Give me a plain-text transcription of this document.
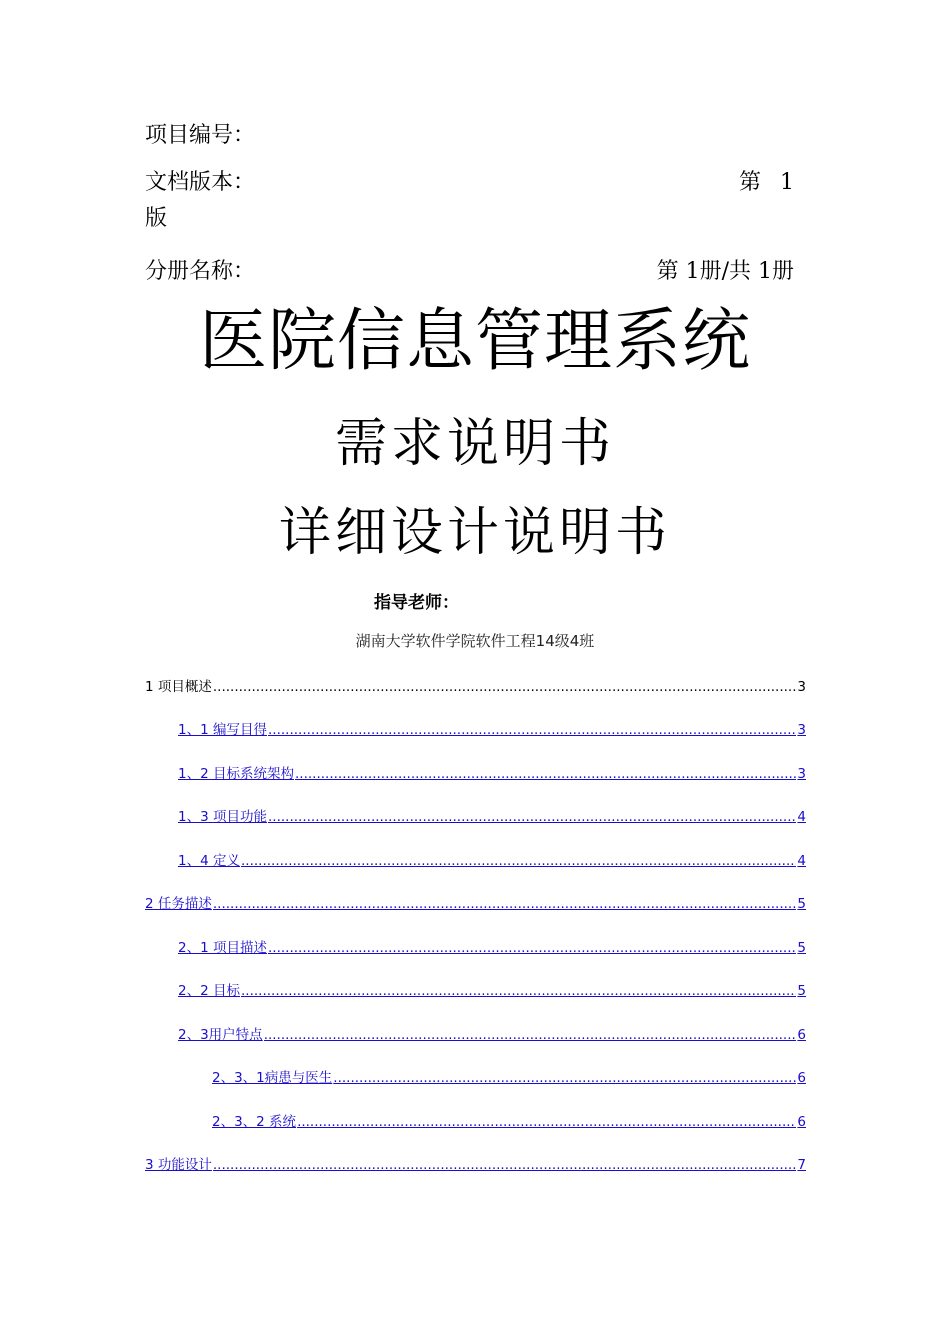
项目编号：
文档版本：	第 1
版
分册名称：	第 1册/共 1册
医院信息管理系统
需求说明书
详细设计说明书
指导老师：
湖南大学软件学院软件工程14级4班
1 项目概述 .....	3
1、1 编写目得 .....	3
1、2 目标系统架构 .....	3
1、3 项目功能 .....	4
1、4 定义 .....	4
2 任务描述 .....	5
2、1 项目描述 .....	5
2、2 目标 .....	5
2、3用户特点 .....	6
2、3、1病患与医生 .....	6
2、3、2 系统 .....	6
3 功能设计 .....	7
